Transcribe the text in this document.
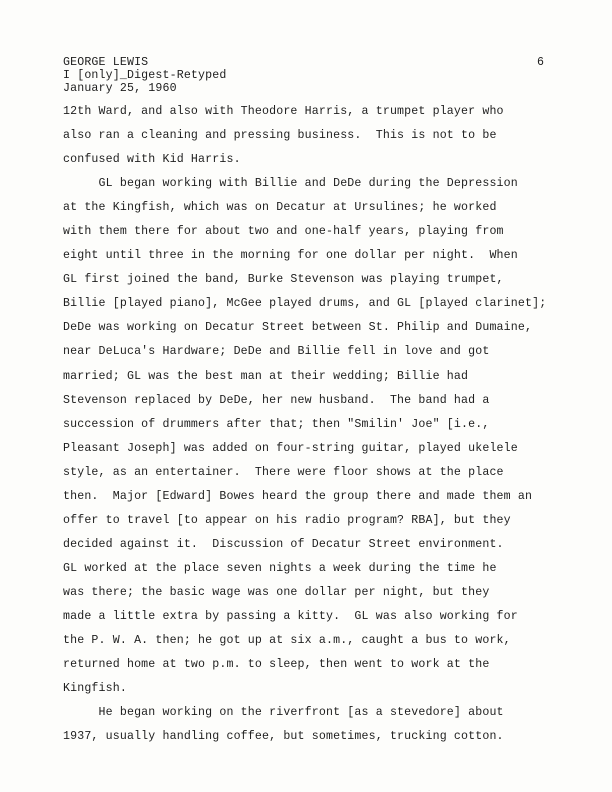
GEORGE LEWIS
I [only]_Digest-Retyped
January 25, 1960
6
12th Ward, and also with Theodore Harris, a trumpet player who
also ran a cleaning and pressing business.  This is not to be
confused with Kid Harris.
GL began working with Billie and DeDe during the Depression
at the Kingfish, which was on Decatur at Ursulines; he worked
with them there for about two and one-half years, playing from
eight until three in the morning for one dollar per night.  When
GL first joined the band, Burke Stevenson was playing trumpet,
Billie [played piano], McGee played drums, and GL [played clarinet];
DeDe was working on Decatur Street between St. Philip and Dumaine,
near DeLuca's Hardware; DeDe and Billie fell in love and got
married; GL was the best man at their wedding; Billie had
Stevenson replaced by DeDe, her new husband.  The band had a
succession of drummers after that; then "Smilin' Joe" [i.e.,
Pleasant Joseph] was added on four-string guitar, played ukelele
style, as an entertainer.  There were floor shows at the place
then.  Major [Edward] Bowes heard the group there and made them an
offer to travel [to appear on his radio program? RBA], but they
decided against it.  Discussion of Decatur Street environment.
GL worked at the place seven nights a week during the time he
was there; the basic wage was one dollar per night, but they
made a little extra by passing a kitty.  GL was also working for
the P. W. A. then; he got up at six a.m., caught a bus to work,
returned home at two p.m. to sleep, then went to work at the
Kingfish.
He began working on the riverfront [as a stevedore] about
1937, usually handling coffee, but sometimes, trucking cotton.
